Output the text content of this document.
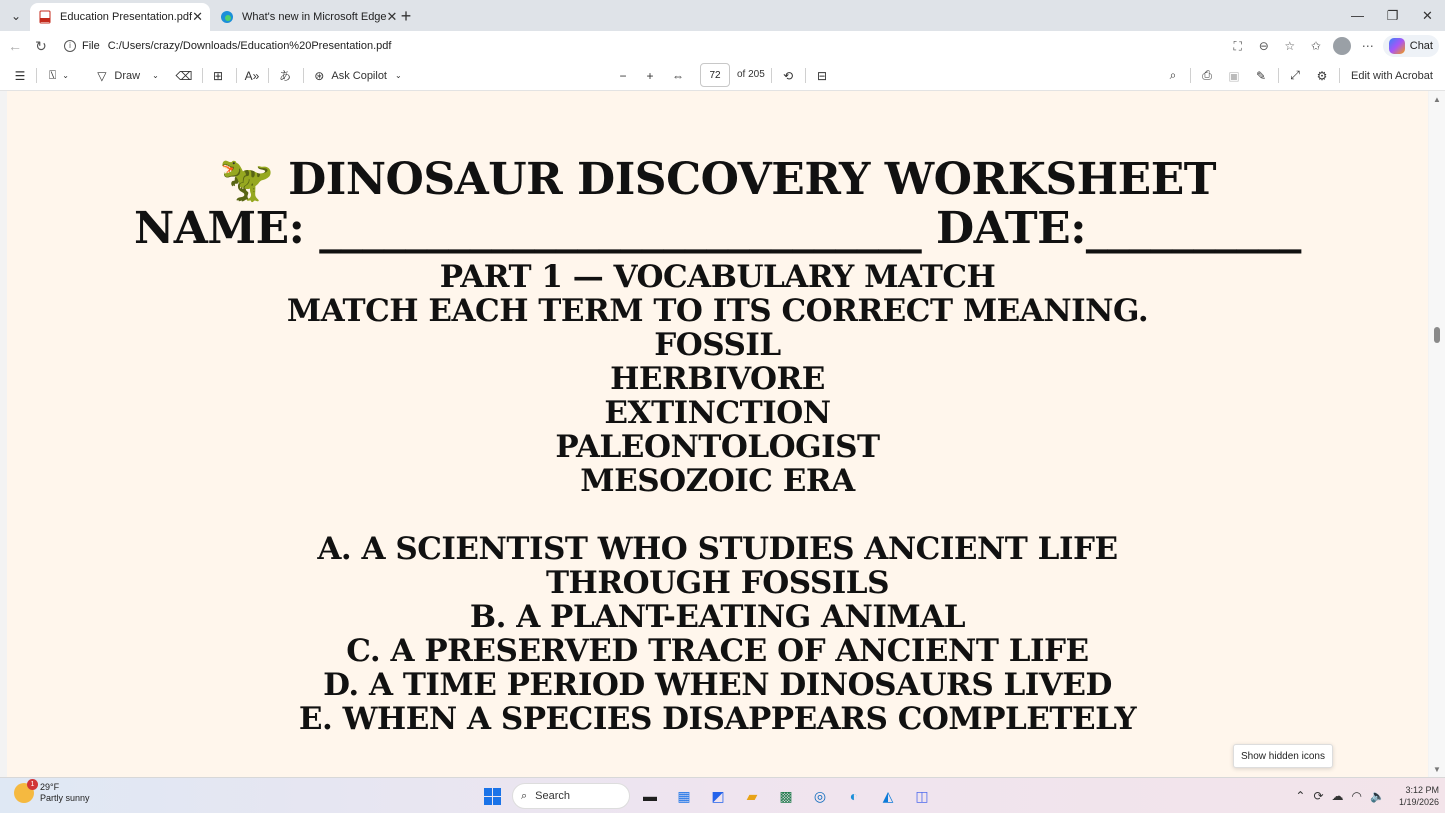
⌄	Education Presentation.pdf ✕	What's new in Microsoft Edge ✕ +	—	❐	✕
← ↻	i	File C:/Users/crazy/Downloads/Education%20Presentation.pdf	⛶	⊖	☆	✩	⋯	Chat
☰	⍂ ⌄ ▽ Draw ⌄ ⌫	⊞	A»	あ	⊛ Ask Copilot ⌄	−	+	⇔	72	of 205	⟲	⊟	⌕	⎙	▣	✎	⤢	⚙	Edit with Acrobat
🦖 DINOSAUR DISCOVERY WORKSHEET
NAME: ____________________________ DATE:__________
PART 1 — VOCABULARY MATCH
MATCH EACH TERM TO ITS CORRECT MEANING.
FOSSIL
HERBIVORE
EXTINCTION
PALEONTOLOGIST
MESOZOIC ERA
A. A SCIENTIST WHO STUDIES ANCIENT LIFE
THROUGH FOSSILS
B. A PLANT-EATING ANIMAL
C. A PRESERVED TRACE OF ANCIENT LIFE
D. A TIME PERIOD WHEN DINOSAURS LIVED
E. WHEN A SPECIES DISAPPEARS COMPLETELY
▲
▼
Show hidden icons
1 29°F
Partly sunny	⌕ Search	▬	▦	◩	▰	▩	◎	◐	◭	◫	⌃ ⟳ ☁ ◠ 🔈	3:12 PM
1/19/2026
